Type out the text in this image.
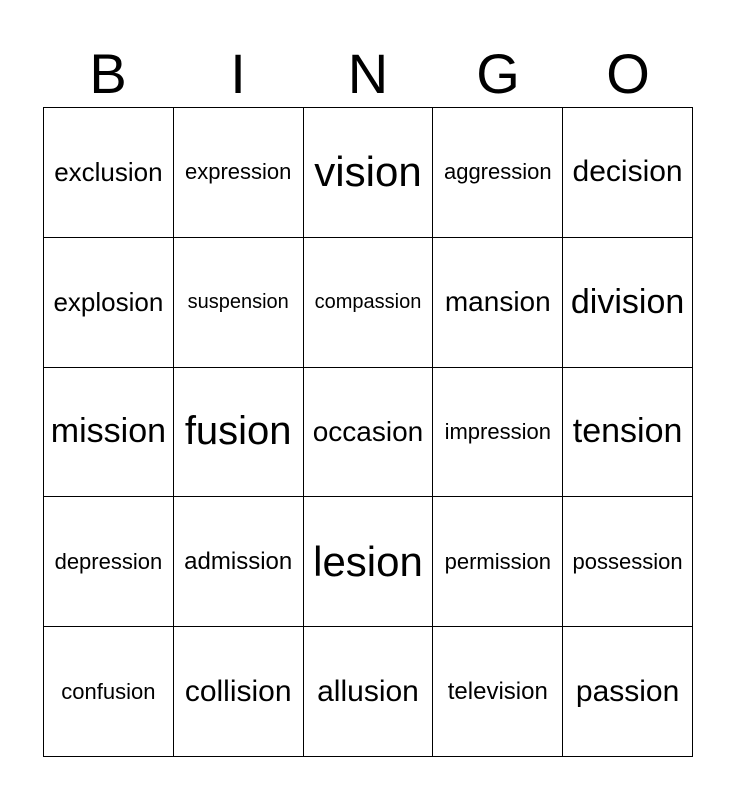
B	I	N	G	O
exclusion expression vision aggression decision
explosion suspension compassion mansion division
mission fusion occasion impression tension
depression admission lesion permission possession
confusion collision allusion television passion
